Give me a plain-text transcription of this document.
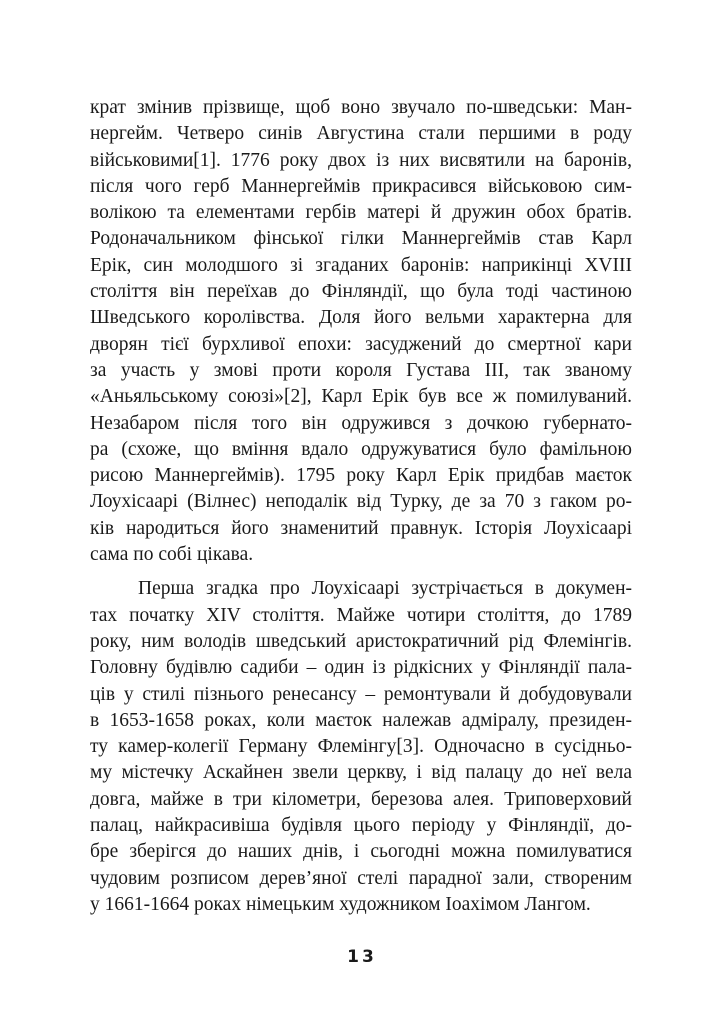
крат змінив прізвище, щоб воно звучало по-шведськи: Ман-
нергейм. Четверо синів Августина стали першими в роду
військовими[1]. 1776 року двох із них висвятили на баронів,
після чого герб Маннергеймів прикрасився військовою сим-
волікою та елементами гербів матері й дружин обох братів.
Родоначальником фінської гілки Маннергеймів став Карл
Ерік, син молодшого зі згаданих баронів: наприкінці XVIII
століття він переїхав до Фінляндії, що була тоді частиною
Шведського королівства. Доля його вельми характерна для
дворян тієї бурхливої епохи: засуджений до смертної кари
за участь у змові проти короля Густава III, так званому
«Аньяльському союзі»[2], Карл Ерік був все ж помилуваний.
Незабаром після того він одружився з дочкою губернато-
ра (схоже, що вміння вдало одружуватися було фамільною
рисою Маннергеймів). 1795 року Карл Ерік придбав маєток
Лоухісаарі (Вілнес) неподалік від Турку, де за 70 з гаком ро-
ків народиться його знаменитий правнук. Історія Лоухісаарі
сама по собі цікава.
Перша згадка про Лоухісаарі зустрічається в докумен-
тах початку XIV століття. Майже чотири століття, до 1789
року, ним володів шведський аристократичний рід Флемінгів.
Головну будівлю садиби – один із рідкісних у Фінляндії пала-
ців у стилі пізнього ренесансу – ремонтували й добудовували
в 1653-1658 роках, коли маєток належав адміралу, президен-
ту камер-колегії Герману Флемінгу[3]. Одночасно в сусідньо-
му містечку Аскайнен звели церкву, і від палацу до неї вела
довга, майже в три кілометри, березова алея. Триповерховий
палац, найкрасивіша будівля цього періоду у Фінляндії, до-
бре зберігся до наших днів, і сьогодні можна помилуватися
чудовим розписом дерев’яної стелі парадної зали, створеним
у 1661-1664 роках німецьким художником Іоахімом Лангом.
13
